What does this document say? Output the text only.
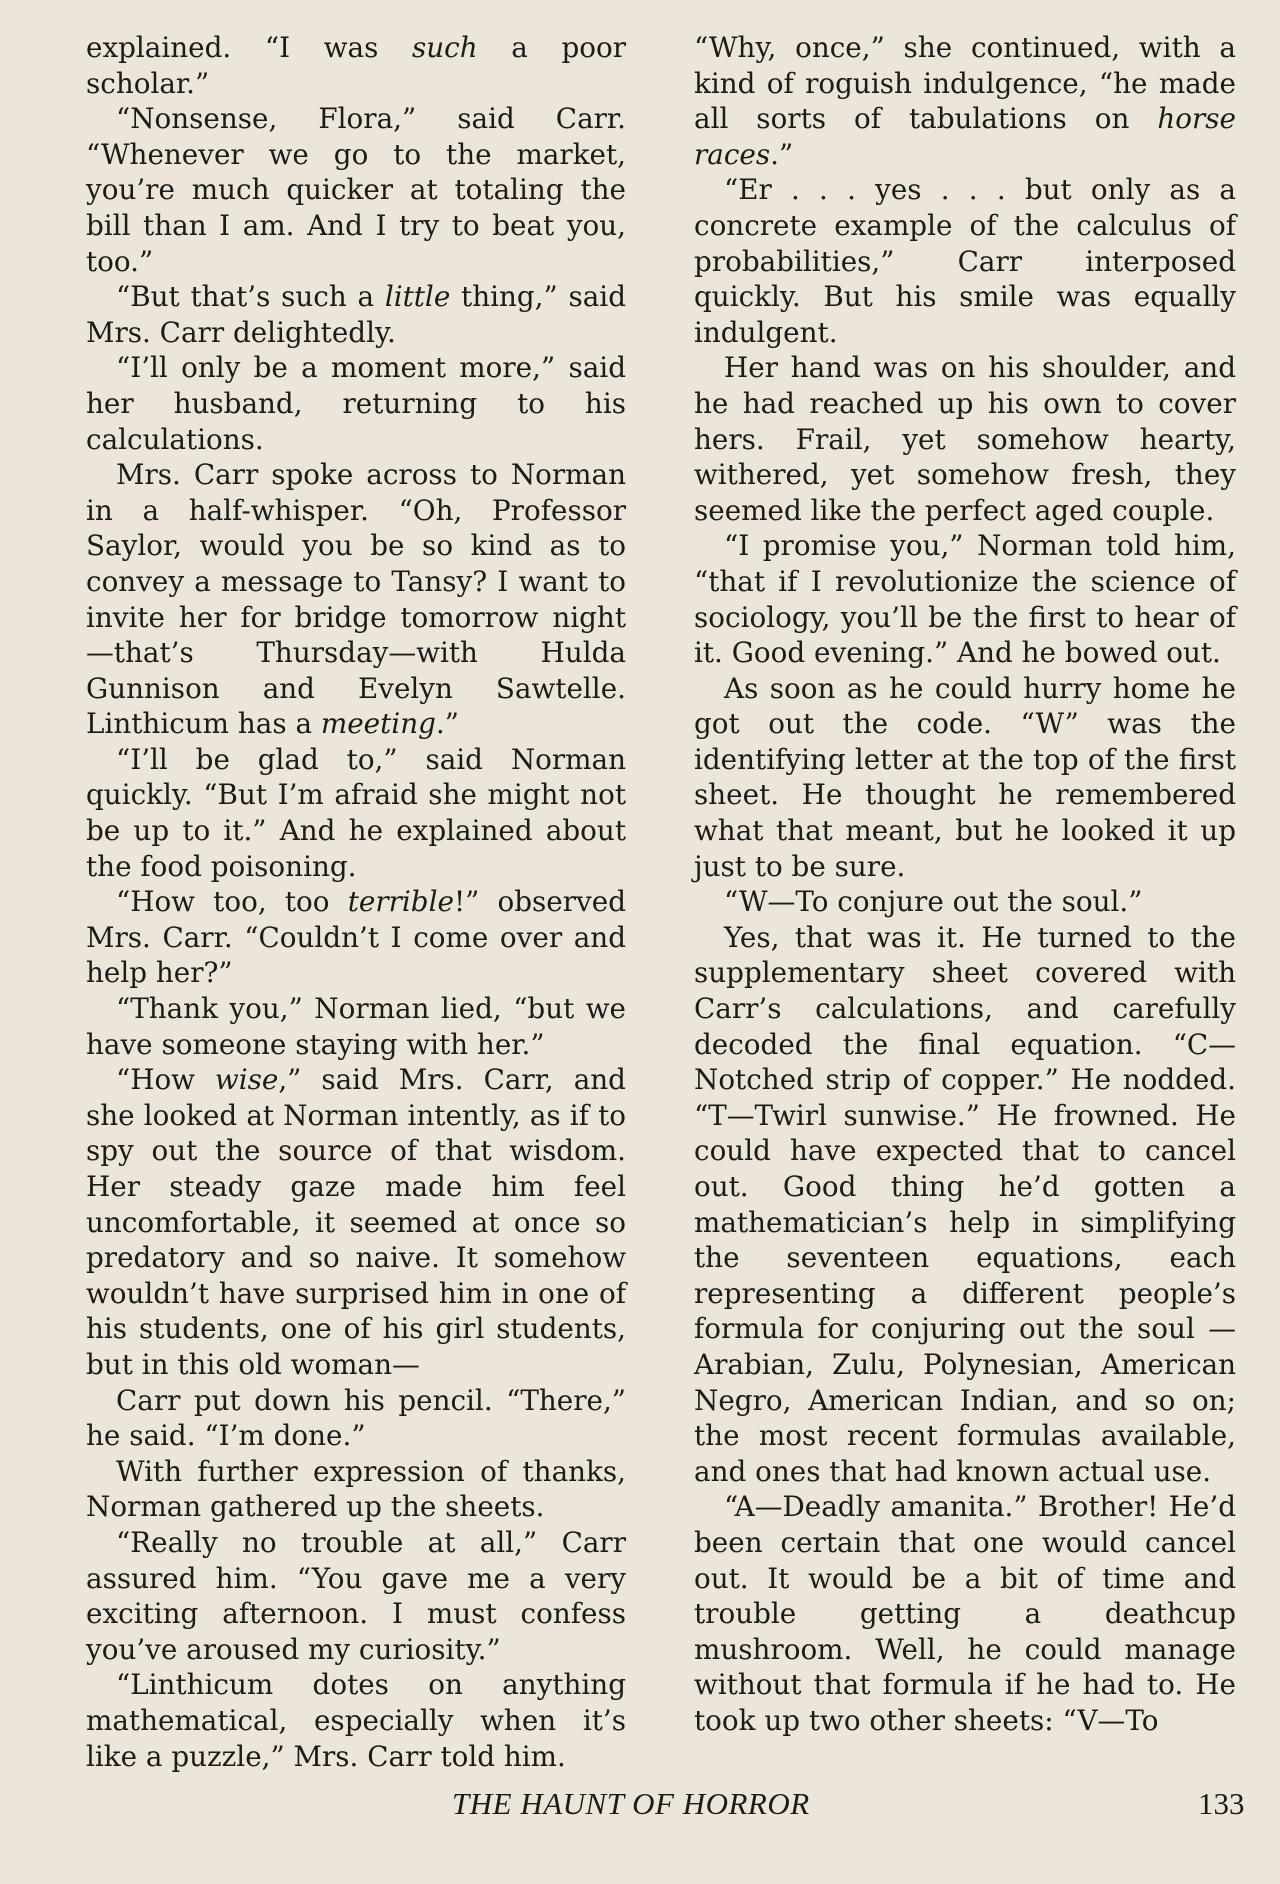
explained. “I was such a poor scholar.”

“Nonsense, Flora,” said Carr. “Whenever we go to the market, you’re much quicker at totaling the bill than I am. And I try to beat you, too.”

“But that’s such a little thing,” said Mrs. Carr delightedly.

“I’ll only be a moment more,” said her husband, returning to his calculations.

Mrs. Carr spoke across to Norman in a half-whisper. “Oh, Professor Saylor, would you be so kind as to convey a message to Tansy? I want to invite her for bridge tomorrow night—that’s Thursday—with Hulda Gunnison and Evelyn Sawtelle. Linthicum has a meeting.”

“I’ll be glad to,” said Norman quickly. “But I’m afraid she might not be up to it.” And he explained about the food poisoning.

“How too, too terrible!” observed Mrs. Carr. “Couldn’t I come over and help her?”

“Thank you,” Norman lied, “but we have someone staying with her.”

“How wise,” said Mrs. Carr, and she looked at Norman intently, as if to spy out the source of that wisdom. Her steady gaze made him feel uncomfortable, it seemed at once so predatory and so naive. It somehow wouldn’t have surprised him in one of his students, one of his girl students, but in this old woman—

Carr put down his pencil. “There,” he said. “I’m done.”

With further expression of thanks, Norman gathered up the sheets.

“Really no trouble at all,” Carr assured him. “You gave me a very exciting afternoon. I must confess you’ve aroused my curiosity.”

“Linthicum dotes on anything mathematical, especially when it’s like a puzzle,” Mrs. Carr told him.

“Why, once,” she continued, with a kind of roguish indulgence, “he made all sorts of tabulations on horse races.”

“Er . . . yes . . . but only as a concrete example of the calculus of probabilities,” Carr interposed quickly. But his smile was equally indulgent.

Her hand was on his shoulder, and he had reached up his own to cover hers. Frail, yet somehow hearty, withered, yet somehow fresh, they seemed like the perfect aged couple.

“I promise you,” Norman told him, “that if I revolutionize the science of sociology, you’ll be the first to hear of it. Good evening.” And he bowed out.

As soon as he could hurry home he got out the code. “W” was the identifying letter at the top of the first sheet. He thought he remembered what that meant, but he looked it up just to be sure.

“W—To conjure out the soul.”

Yes, that was it. He turned to the supplementary sheet covered with Carr’s calculations, and carefully decoded the final equation. “C—Notched strip of copper.” He nodded. “T—Twirl sunwise.” He frowned. He could have expected that to cancel out. Good thing he’d gotten a mathematician’s help in simplifying the seventeen equations, each representing a different people’s formula for conjuring out the soul —Arabian, Zulu, Polynesian, American Negro, American Indian, and so on; the most recent formulas available, and ones that had known actual use.

“A—Deadly amanita.” Brother! He’d been certain that one would cancel out. It would be a bit of time and trouble getting a deathcup mushroom. Well, he could manage without that formula if he had to. He took up two other sheets: “V—To

THE HAUNT OF HORROR	133
